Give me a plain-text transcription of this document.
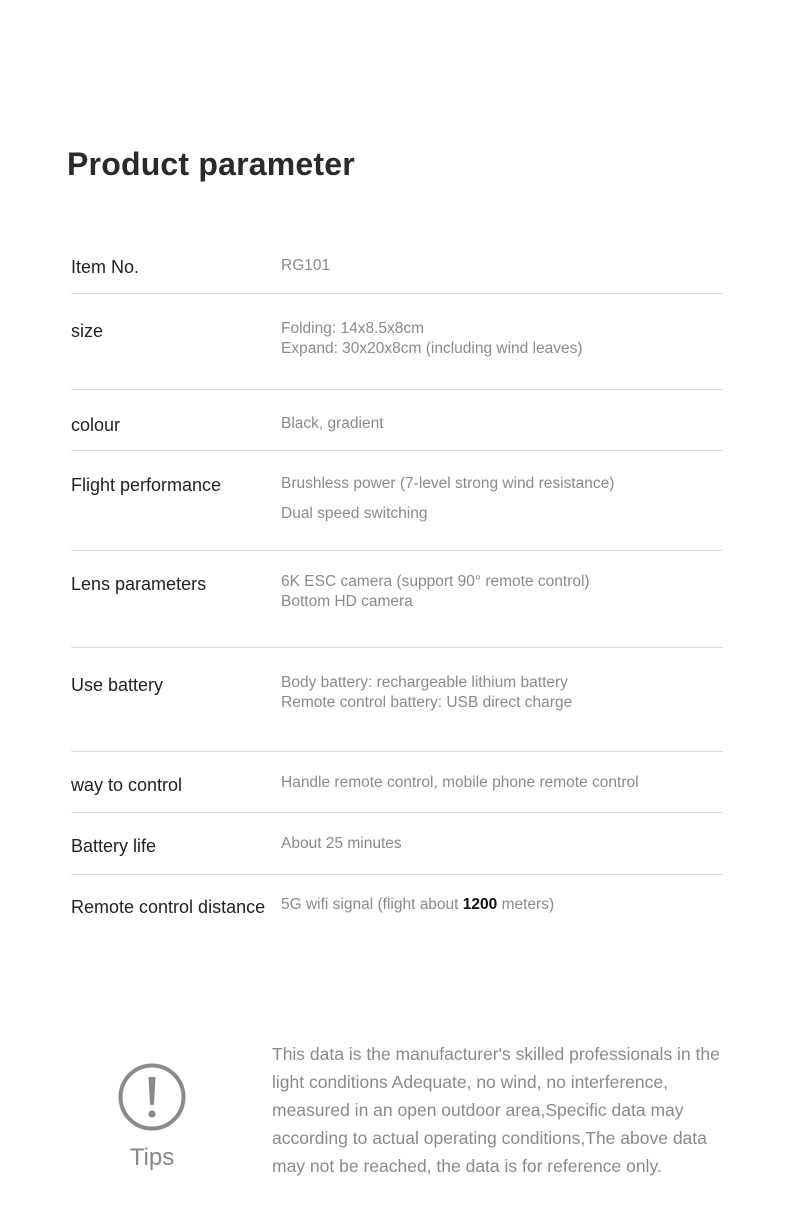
Product parameter
Item No.	RG101
size	Folding: 14x8.5x8cm
Expand: 30x20x8cm (including wind leaves)
colour	Black, gradient
Flight performance	Brushless power (7-level strong wind resistance)
Dual speed switching
Lens parameters	6K ESC camera (support 90° remote control)
Bottom HD camera
Use battery	Body battery: rechargeable lithium battery
Remote control battery: USB direct charge
way to control	Handle remote control, mobile phone remote control
Battery life	About 25 minutes
Remote control distance 5G wifi signal (flight about 1200 meters)
Tips

This data is the manufacturer's skilled professionals in the
light conditions Adequate, no wind, no interference,
measured in an open outdoor area,Specific data may
according to actual operating conditions,The above data
may not be reached, the data is for reference only.
